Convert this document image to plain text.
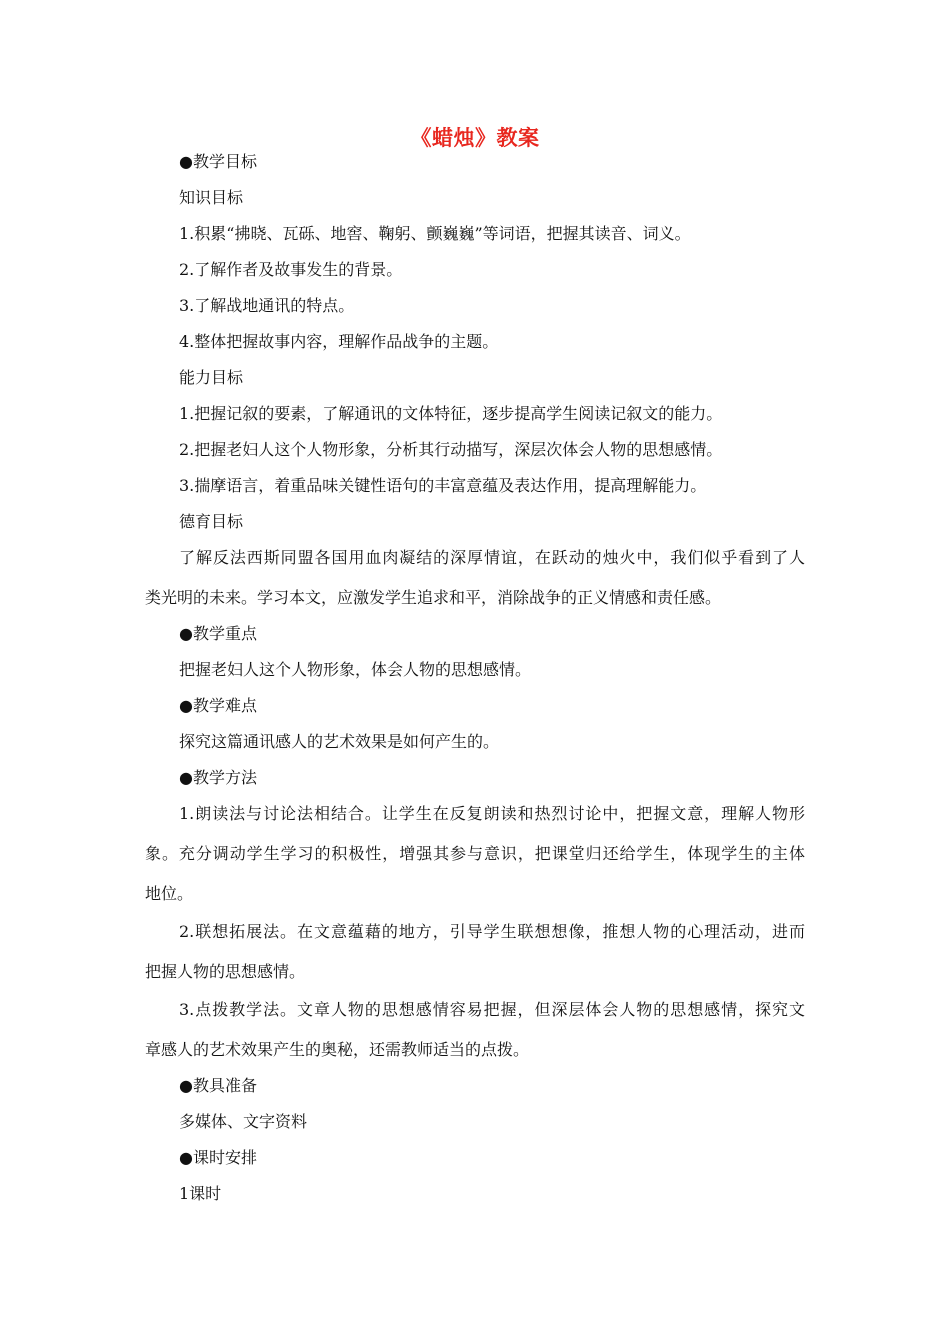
《蜡烛》教案
●教学目标
知识目标
1.积累“拂晓、瓦砾、地窖、鞠躬、颤巍巍”等词语，把握其读音、词义。
2.了解作者及故事发生的背景。
3.了解战地通讯的特点。
4.整体把握故事内容，理解作品战争的主题。
能力目标
1.把握记叙的要素，了解通讯的文体特征，逐步提高学生阅读记叙文的能力。
2.把握老妇人这个人物形象，分析其行动描写，深层次体会人物的思想感情。
3.揣摩语言，着重品味关键性语句的丰富意蕴及表达作用，提高理解能力。
德育目标
了解反法西斯同盟各国用血肉凝结的深厚情谊，在跃动的烛火中，我们似乎看到了人
类光明的未来。学习本文，应激发学生追求和平，消除战争的正义情感和责任感。
●教学重点
把握老妇人这个人物形象，体会人物的思想感情。
●教学难点
探究这篇通讯感人的艺术效果是如何产生的。
●教学方法
1.朗读法与讨论法相结合。让学生在反复朗读和热烈讨论中，把握文意，理解人物形
象。充分调动学生学习的积极性，增强其参与意识，把课堂归还给学生，体现学生的主体
地位。
2.联想拓展法。在文意蕴藉的地方，引导学生联想想像，推想人物的心理活动，进而
把握人物的思想感情。
3.点拨教学法。文章人物的思想感情容易把握，但深层体会人物的思想感情，探究文
章感人的艺术效果产生的奥秘，还需教师适当的点拨。
●教具准备
多媒体、文字资料
●课时安排
1课时
